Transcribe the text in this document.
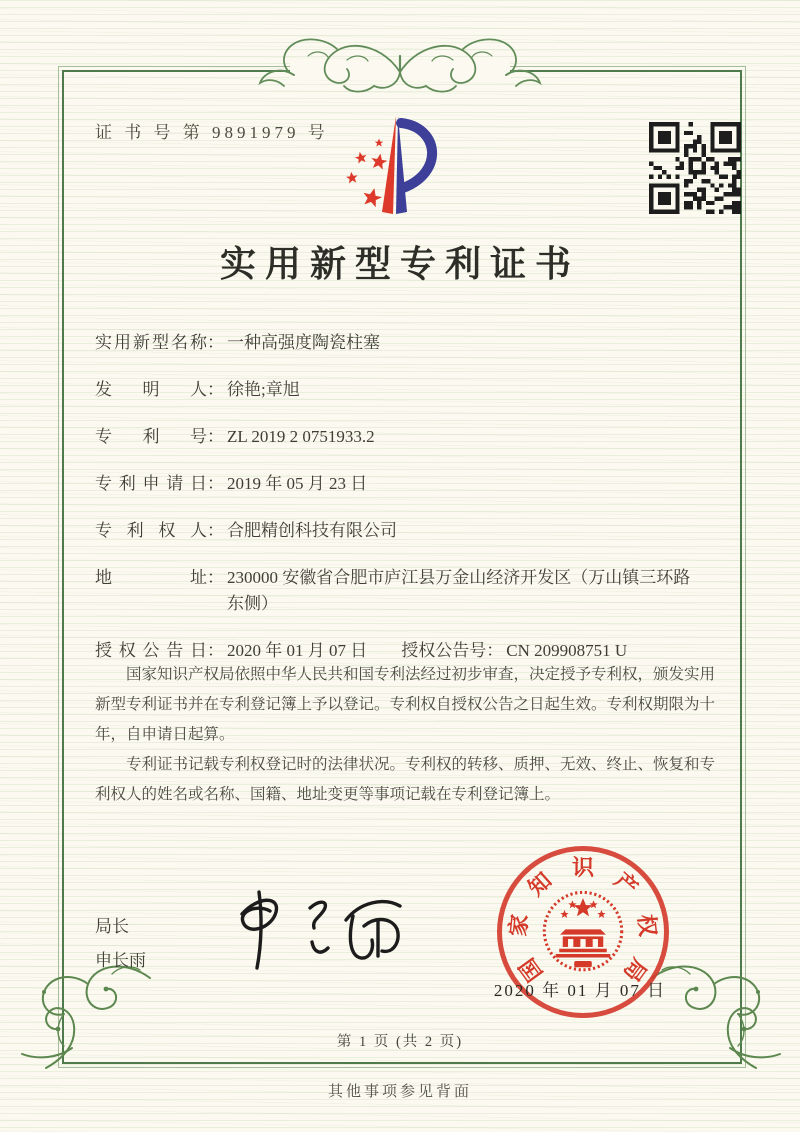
证 书 号 第 9891979 号
实用新型专利证书
实用新型名称 ： 一种高强度陶瓷柱塞
发明人 ： 徐艳;章旭
专利号 ： ZL 2019 2 0751933.2
专利申请日 ： 2019 年 05 月 23 日
专利权人 ： 合肥精创科技有限公司
地址 ： 230000 安徽省合肥市庐江县万金山经济开发区（万山镇三环路东侧）
授权公告日 ： 2020 年 01 月 07 日 授权公告号 ： CN 209908751 U

国家知识产权局依照中华人民共和国专利法经过初步审查，决定授予专利权，颁发实用新型专利证书并在专利登记簿上予以登记。专利权自授权公告之日起生效。专利权期限为十年，自申请日起算。

专利证书记载专利权登记时的法律状况。专利权的转移、质押、无效、终止、恢复和专利权人的姓名或名称、国籍、地址变更等事项记载在专利登记簿上。

局长
申长雨	国
家
知 识 产
权
局
2020 年 01 月 07 日
第 1 页 (共 2 页)
其他事项参见背面
